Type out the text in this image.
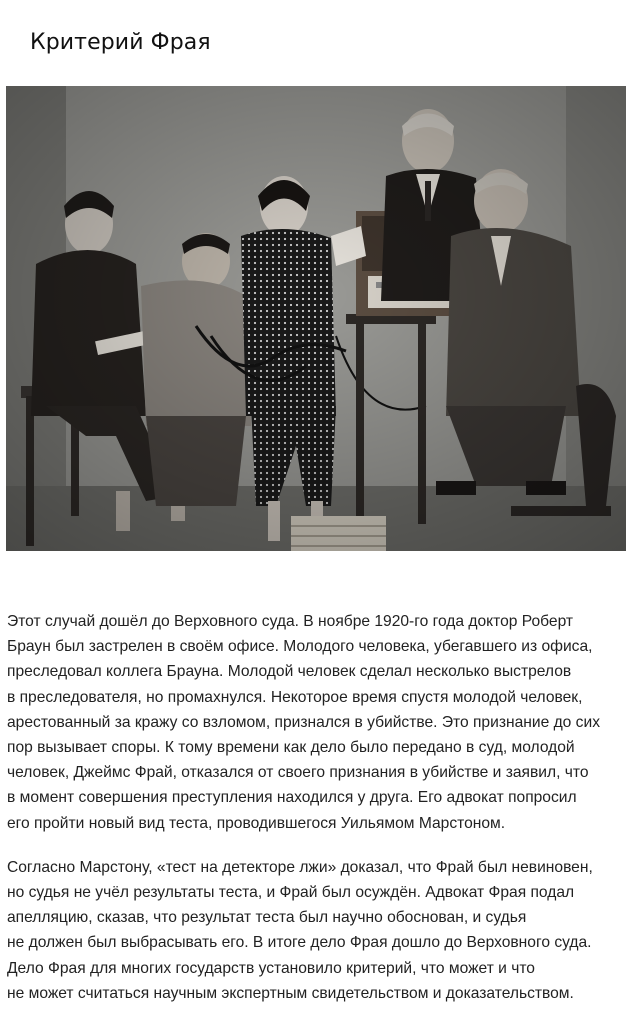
Критерий Фрая

Этот случай дошёл до Верховного суда. В ноябре 1920-го года доктор Роберт
Браун был застрелен в своём офисе. Молодого человека, убегавшего из офиса,
преследовал коллега Брауна. Молодой человек сделал несколько выстрелов
в преследователя, но промахнулся. Некоторое время спустя молодой человек,
арестованный за кражу со взломом, признался в убийстве. Это признание до сих
пор вызывает споры. К тому времени как дело было передано в суд, молодой
человек, Джеймс Фрай, отказался от своего признания в убийстве и заявил, что
в момент совершения преступления находился у друга. Его адвокат попросил
его пройти новый вид теста, проводившегося Уильямом Марстоном.

Согласно Марстону, «тест на детекторе лжи» доказал, что Фрай был невиновен,
но судья не учёл результаты теста, и Фрай был осуждён. Адвокат Фрая подал
апелляцию, сказав, что результат теста был научно обоснован, и судья
не должен был выбрасывать его. В итоге дело Фрая дошло до Верховного суда.
Дело Фрая для многих государств установило критерий, что может и что
не может считаться научным экспертным свидетельством и доказательством.
